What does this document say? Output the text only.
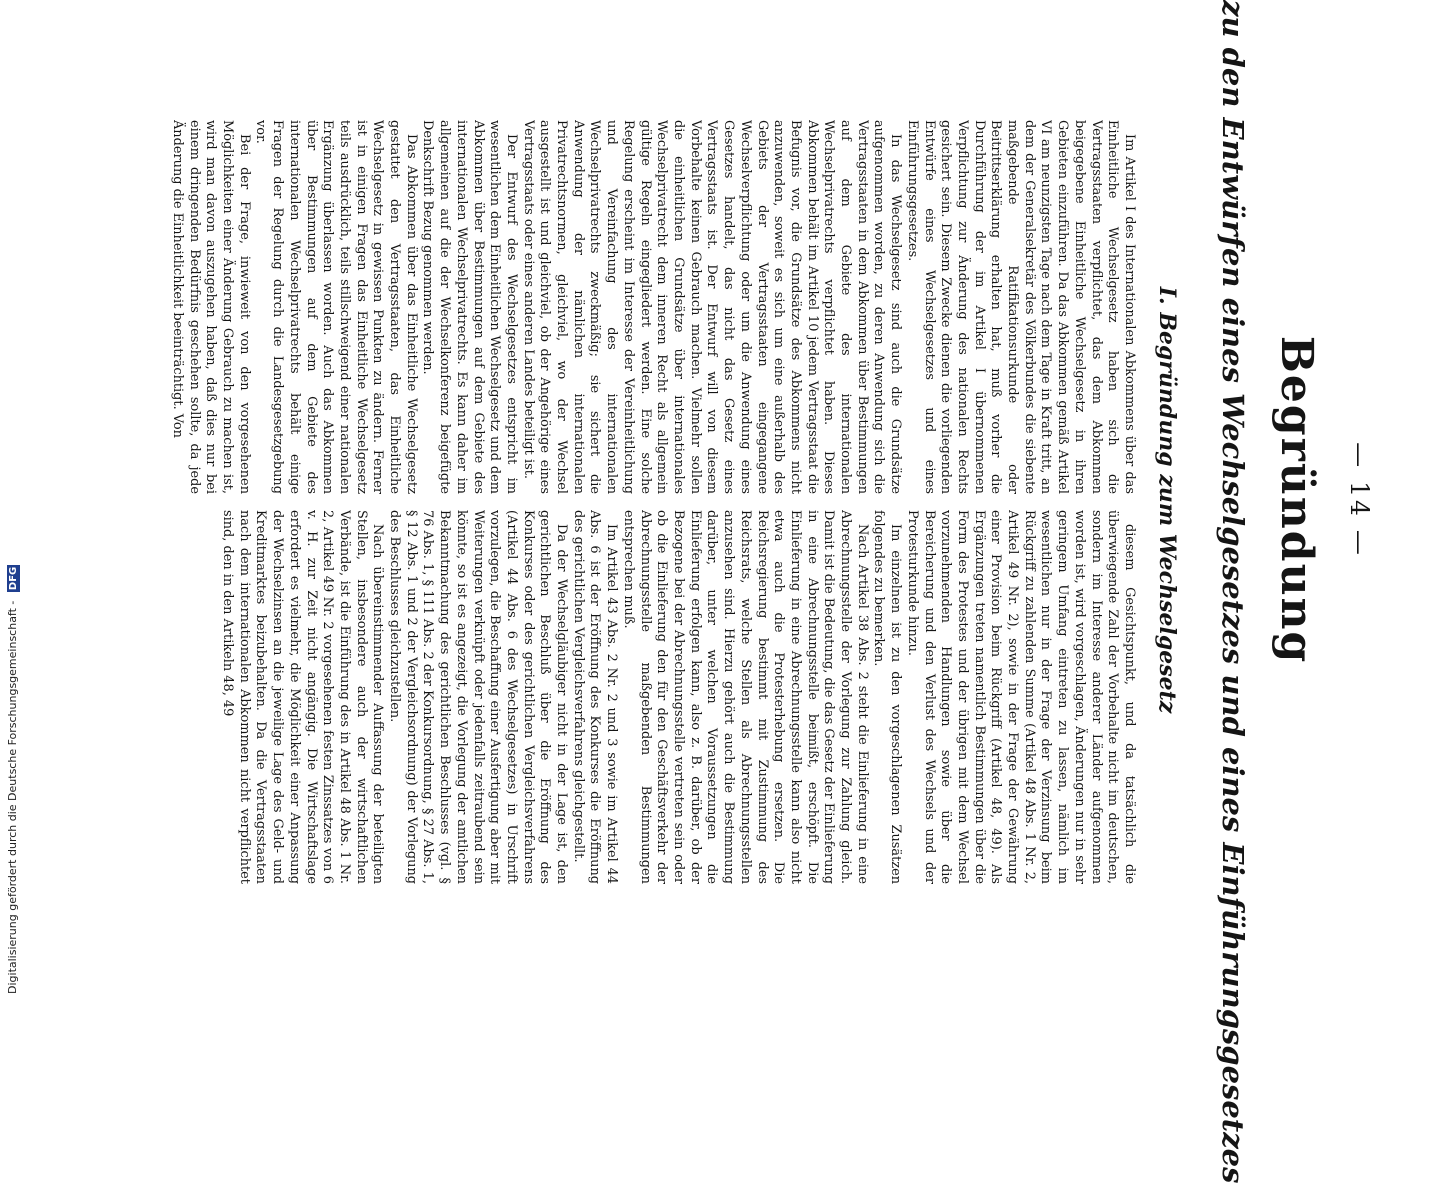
— 14 —
Begründung
zu den Entwürfen eines Wechselgesetzes und eines Einführungsgesetzes
I. Begründung zum Wechselgesetz

Im Artikel I des Internationalen Abkommens über das Einheitliche Wechselgesetz haben sich die Vertragsstaaten verpflichtet, das dem Abkommen beigegebene Einheitliche Wechselgesetz in ihren Gebieten einzuführen. Da das Abkommen gemäß Artikel VI am neunzigsten Tage nach dem Tage in Kraft tritt, an dem der Generalsekretär des Völkerbundes die siebente maßgebende Ratifikationsurkunde oder Beitrittserklärung erhalten hat, muß vorher die Durchführung der im Artikel I übernommenen Verpflichtung zur Änderung des nationalen Rechts gesichert sein. Diesem Zwecke dienen die vorliegenden Entwürfe eines Wechselgesetzes und eines Einführungsgesetzes.

In das Wechselgesetz sind auch die Grundsätze aufgenommen worden, zu deren Anwendung sich die Vertragsstaaten in dem Abkommen über Bestimmungen auf dem Gebiete des internationalen Wechselprivatrechts verpflichtet haben. Dieses Abkommen behält im Artikel 10 jedem Vertragsstaat die Befugnis vor, die Grundsätze des Abkommens nicht anzuwenden, soweit es sich um eine außerhalb des Gebiets der Vertragsstaaten eingegangene Wechselverpflichtung oder um die Anwendung eines Gesetzes handelt, das nicht das Gesetz eines Vertragsstaats ist. Der Entwurf will von diesem Vorbehalte keinen Gebrauch machen. Vielmehr sollen die einheitlichen Grundsätze über internationales Wechselprivatrecht dem inneren Recht als allgemein gültige Regeln eingegliedert werden. Eine solche Regelung erscheint im Interesse der Vereinheitlichung und Vereinfachung des internationalen Wechselprivatrechts zweckmäßig; sie sichert die Anwendung der nämlichen internationalen Privatrechtsnormen, gleichviel, wo der Wechsel ausgestellt ist und gleichviel, ob der Angehörige eines Vertragsstaats oder eines anderen Landes beteiligt ist.

Der Entwurf des Wechselgesetzes entspricht im wesentlichen dem Einheitlichen Wechselgesetz und dem Abkommen über Bestimmungen auf dem Gebiete des internationalen Wechselprivatrechts. Es kann daher im allgemeinen auf die der Wechselkonferenz beigefügte Denkschrift Bezug genommen werden.

Das Abkommen über das Einheitliche Wechselgesetz gestattet den Vertragsstaaten, das Einheitliche Wechselgesetz in gewissen Punkten zu ändern. Ferner ist in einigen Fragen das Einheitliche Wechselgesetz teils ausdrücklich, teils stillschweigend einer nationalen Ergänzung überlassen worden. Auch das Abkommen über Bestimmungen auf dem Gebiete des internationalen Wechselprivatrechts behält einige Fragen der Regelung durch die Landesgesetzgebung vor.

Bei der Frage, inwieweit von den vorgesehenen Möglichkeiten einer Änderung Gebrauch zu machen ist, wird man davon auszugehen haben, daß dies nur bei einem dringenden Bedürfnis geschehen sollte, da jede Änderung die Einheitlichkeit beeinträchtigt. Von

diesem Gesichtspunkt, und da tatsächlich die überwiegende Zahl der Vorbehalte nicht im deutschen, sondern im Interesse anderer Länder aufgenommen worden ist, wird vorgeschlagen, Änderungen nur in sehr geringem Umfang eintreten zu lassen, nämlich im wesentlichen nur in der Frage der Verzinsung beim Rückgriff zu zahlenden Summe (Artikel 48 Abs. 1 Nr. 2, Artikel 49 Nr. 2), sowie in der Frage der Gewährung einer Provision beim Rückgriff (Artikel 48, 49). Als Ergänzungen treten namentlich Bestimmungen über die Form des Protestes und der übrigen mit dem Wechsel vorzunehmenden Handlungen sowie über die Bereicherung und den Verlust des Wechsels und der Protesturkunde hinzu.

Im einzelnen ist zu den vorgeschlagenen Zusätzen folgendes zu bemerken.

Nach Artikel 38 Abs. 2 steht die Einlieferung in eine Abrechnungsstelle der Vorlegung zur Zahlung gleich. Damit ist die Bedeutung, die das Gesetz der Einlieferung in eine Abrechnungsstelle beimißt, erschöpft. Die Einlieferung in eine Abrechnungsstelle kann also nicht etwa auch die Protesterhebung ersetzen. Die Reichsregierung bestimmt mit Zustimmung des Reichsrats, welche Stellen als Abrechnungsstellen anzusehen sind. Hierzu gehört auch die Bestimmung darüber, unter welchen Voraussetzungen die Einlieferung erfolgen kann, also z. B. darüber, ob der Bezogene bei der Abrechnungsstelle vertreten sein oder ob die Einlieferung den für den Geschäftsverkehr der Abrechnungsstelle maßgebenden Bestimmungen entsprechen muß.

Im Artikel 43 Abs. 2 Nr. 2 und 3 sowie im Artikel 44 Abs. 6 ist der Eröffnung des Konkurses die Eröffnung des gerichtlichen Vergleichsverfahrens gleichgestellt.

Da der Wechselgläubiger nicht in der Lage ist, den gerichtlichen Beschluß über die Eröffnung des Konkurses oder des gerichtlichen Vergleichsverfahrens (Artikel 44 Abs. 6 des Wechselgesetzes) in Urschrift vorzulegen, die Beschaffung einer Ausfertigung aber mit Weiterungen verknüpft oder jedenfalls zeitraubend sein könnte, so ist es angezeigt, die Vorlegung der amtlichen Bekanntmachung des gerichtlichen Beschlusses (vgl. § 76 Abs. 1, § 111 Abs. 2 der Konkursordnung, § 27 Abs. 1, § 12 Abs. 1 und 2 der Vergleichsordnung) der Vorlegung des Beschlusses gleichzustellen.

Nach übereinstimmender Auffassung der beteiligten Stellen, insbesondere auch der wirtschaftlichen Verbände, ist die Einführung des in Artikel 48 Abs. 1 Nr. 2, Artikel 49 Nr. 2 vorgesehenen festen Zinssatzes von 6 v. H. zur Zeit nicht angängig. Die Wirtschaftslage erfordert es vielmehr, die Möglichkeit einer Anpassung der Wechselzinsen an die jeweilige Lage des Geld- und Kreditmarktes beizubehalten. Da die Vertragsstaaten nach dem internationalen Abkommen nicht verpflichtet sind, den in den Artikeln 48, 49

Digitalisierung gefördert durch die Deutsche Forschungsgemeinschaft - DFG
